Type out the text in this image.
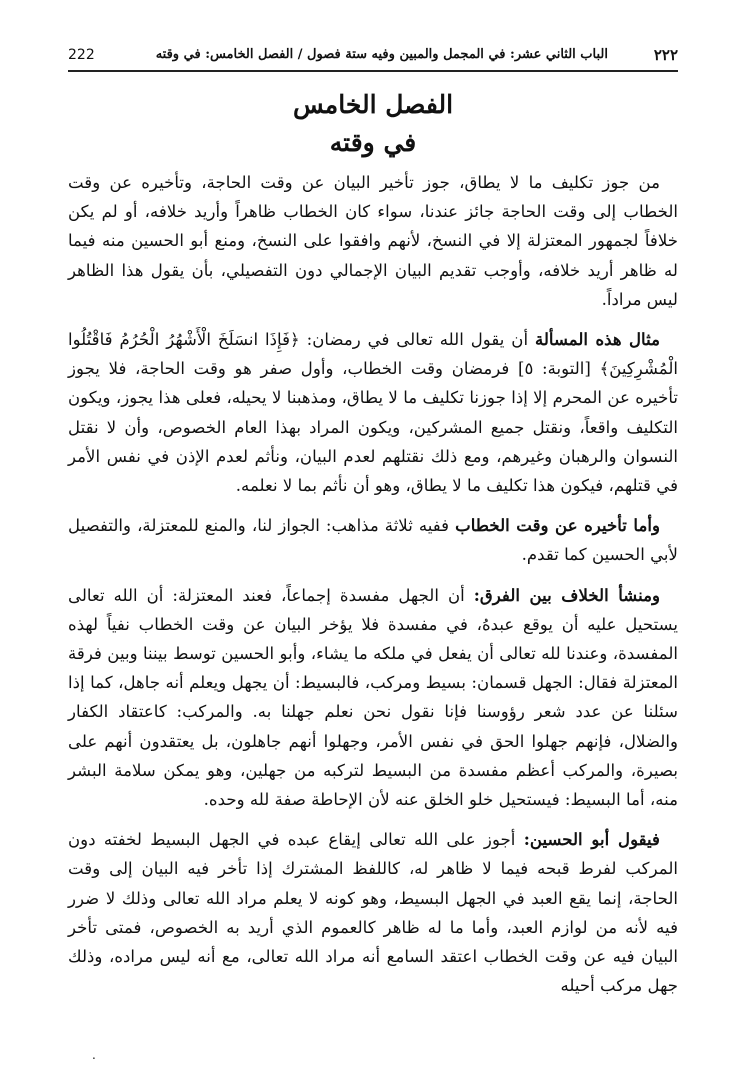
٢٢٢
الباب الثاني عشر: في المجمل والمبين وفيه ستة فصول / الفصل الخامس: في وقته
222
الفصل الخامس
في وقته

من جوز تكليف ما لا يطاق، جوز تأخير البيان عن وقت الحاجة، وتأخيره عن وقت الخطاب إلى وقت الحاجة جائز عندنا، سواء كان الخطاب ظاهراً وأريد خلافه، أو لم يكن خلافاً لجمهور المعتزلة إلا في النسخ، لأنهم وافقوا على النسخ، ومنع أبو الحسين منه فيما له ظاهر أريد خلافه، وأوجب تقديم البيان الإجمالي دون التفصيلي، بأن يقول هذا الظاهر ليس مراداً.

مثال هذه المسألة أن يقول الله تعالى في رمضان: ﴿فَإِذَا انسَلَخَ الْأَشْهُرُ الْحُرُمُ فَاقْتُلُوا الْمُشْرِكِينَ﴾ [التوبة: ٥] فرمضان وقت الخطاب، وأول صفر هو وقت الحاجة، فلا يجوز تأخيره عن المحرم إلا إذا جوزنا تكليف ما لا يطاق، ومذهبنا لا يحيله، فعلى هذا يجوز، ويكون التكليف واقعاً، ونقتل جميع المشركين، ويكون المراد بهذا العام الخصوص، وأن لا نقتل النسوان والرهبان وغيرهم، ومع ذلك نقتلهم لعدم البيان، ونأثم لعدم الإذن في نفس الأمر في قتلهم، فيكون هذا تكليف ما لا يطاق، وهو أن نأثم بما لا نعلمه.

وأما تأخيره عن وقت الخطاب ففيه ثلاثة مذاهب: الجواز لنا، والمنع للمعتزلة، والتفصيل لأبي الحسين كما تقدم.

ومنشأ الخلاف بين الفرق: أن الجهل مفسدة إجماعاً، فعند المعتزلة: أن الله تعالى يستحيل عليه أن يوقع عبدهُ، في مفسدة فلا يؤخر البيان عن وقت الخطاب نفياً لهذه المفسدة، وعندنا لله تعالى أن يفعل في ملكه ما يشاء، وأبو الحسين توسط بيننا وبين فرقة المعتزلة فقال: الجهل قسمان: بسيط ومركب، فالبسيط: أن يجهل ويعلم أنه جاهل، كما إذا سئلنا عن عدد شعر رؤوسنا فإنا نقول نحن نعلم جهلنا به. والمركب: كاعتقاد الكفار والضلال، فإنهم جهلوا الحق في نفس الأمر، وجهلوا أنهم جاهلون، بل يعتقدون أنهم على بصيرة، والمركب أعظم مفسدة من البسيط لتركبه من جهلين، وهو يمكن سلامة البشر منه، أما البسيط: فيستحيل خلو الخلق عنه لأن الإحاطة صفة لله وحده.

فيقول أبو الحسين: أجوز على الله تعالى إيقاع عبده في الجهل البسيط لخفته دون المركب لفرط قبحه فيما لا ظاهر له، كاللفظ المشترك إذا تأخر فيه البيان إلى وقت الحاجة، إنما يقع العبد في الجهل البسيط، وهو كونه لا يعلم مراد الله تعالى وذلك لا ضرر فيه لأنه من لوازم العبد، وأما ما له ظاهر كالعموم الذي أريد به الخصوص، فمتى تأخر البيان فيه عن وقت الخطاب اعتقد السامع أنه مراد الله تعالى، مع أنه ليس مراده، وذلك جهل مركب أحيله

.
